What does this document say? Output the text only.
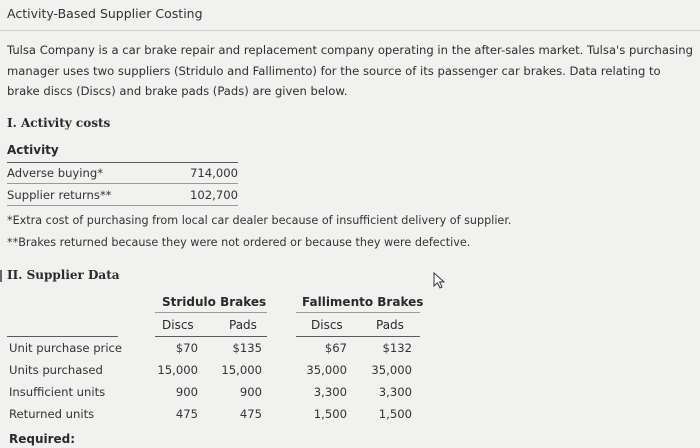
Activity-Based Supplier Costing
Tulsa Company is a car brake repair and replacement company operating in the after-sales market. Tulsa's purchasing manager uses two suppliers (Stridulo and Fallimento) for the source of its passenger car brakes. Data relating to brake discs (Discs) and brake pads (Pads) are given below.
I. Activity costs
Activity
Adverse buying*	714,000
Supplier returns**	102,700
*Extra cost of purchasing from local car dealer because of insufficient delivery of supplier.
**Brakes returned because they were not ordered or because they were defective.
II. Supplier Data
Stridulo Brakes	Fallimento Brakes
Discs	Pads	Discs	Pads
Unit purchase price	$70	$135	$67	$132
Units purchased	15,000	15,000	35,000	35,000
Insufficient units	900	900	3,300	3,300
Returned units	475	475	1,500	1,500
Required:
